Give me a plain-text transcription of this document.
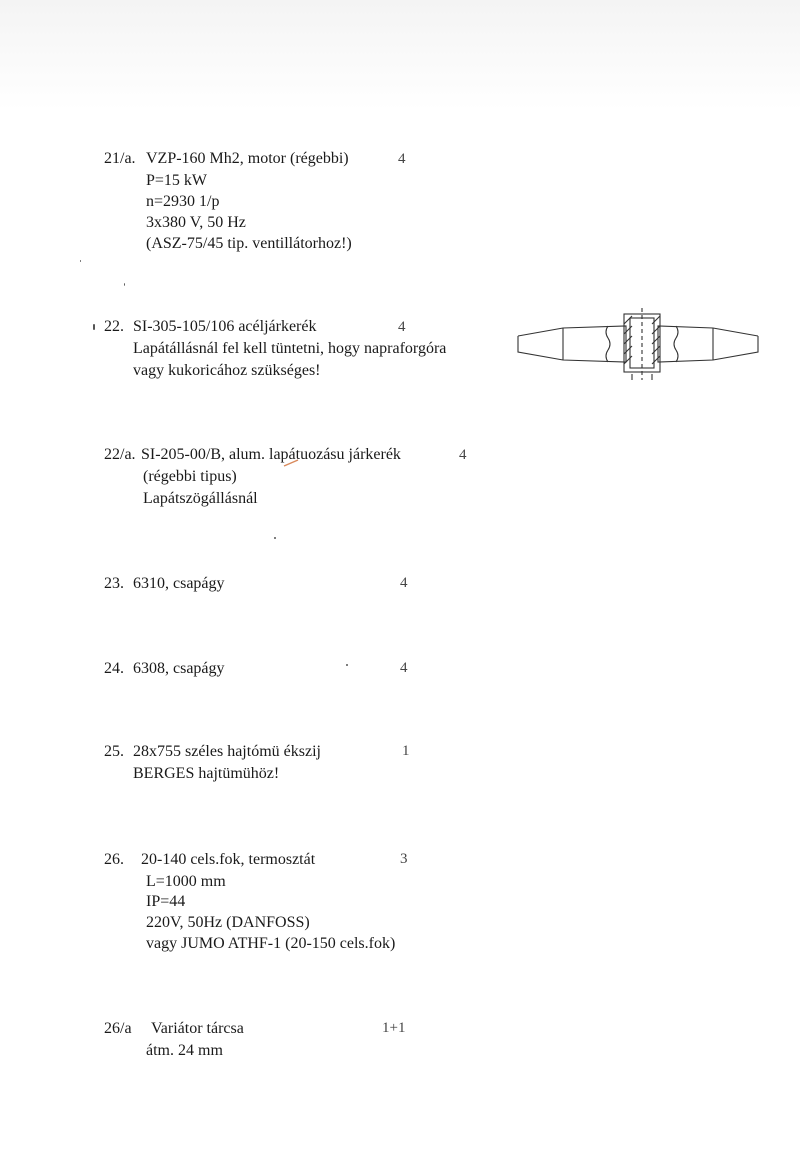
21/a. VZP-160 Mh2, motor (régebbi)	4
P=15 kW
n=2930 1/p
3x380 V, 50 Hz
(ASZ-75/45 tip. ventillátorhoz!)
22. SI-305-105/106 acéljárkerék	4
Lapátállásnál fel kell tüntetni, hogy napraforgóra
vagy kukoricához szükséges!
22/a. SI-205-00/B, alum. lapátuozásu járkerék	4
(régebbi tipus)
Lapátszögállásnál
23. 6310, csapágy	4
24. 6308, csapágy	4
25. 28x755 széles hajtómü ékszij	1
BERGES hajtümühöz!
26. 20-140 cels.fok, termosztát	3
L=1000 mm
IP=44
220V, 50Hz (DANFOSS)
vagy JUMO ATHF-1 (20-150 cels.fok)
26/a Variátor tárcsa	1+1
átm. 24 mm
